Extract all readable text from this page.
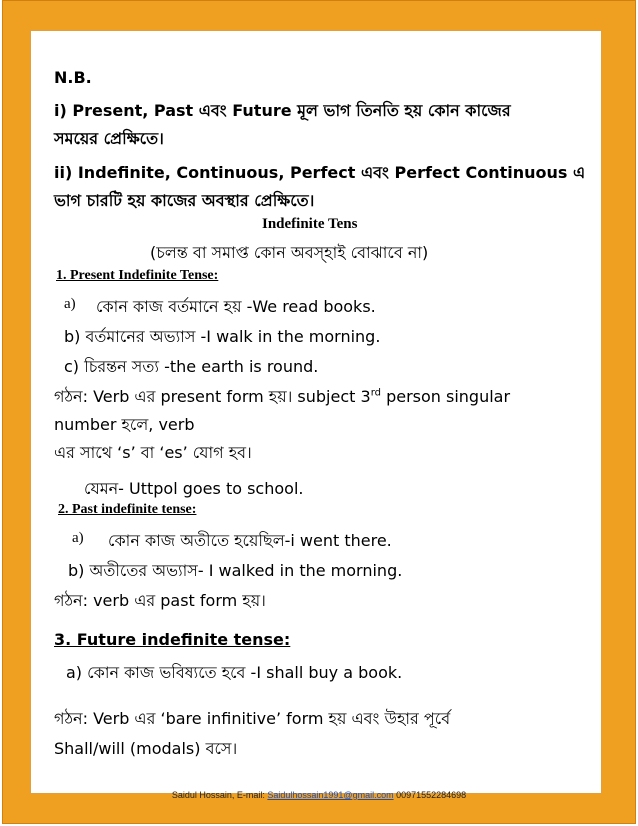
N.B.
i) Present, Past এবং Future মূল ভাগ তিনতি হয় কোন কাজের
সময়ের প্রেক্ষিতে।
ii) Indefinite, Continuous, Perfect এবং Perfect Continuous এ
ভাগ চারটি হয় কাজের অবস্থার প্রেক্ষিতে।
Indefinite Tens
(চলন্ত বা সমাপ্ত কোন অবস্হাই বোঝাবে না)
1. Present Indefinite Tense:
a) কোন কাজ বর্তমানে হয় -We read books.
b) বর্তমানের অভ্যাস -I walk in the morning.
c) চিরন্তন সত্য -the earth is round.
গঠন: Verb এর present form হয়। subject 3rd person singular
number হলে, verb
এর সাথে ‘s’ বা ‘es’ যোগ হব।
যেমন- Uttpol goes to school.
2. Past indefinite tense:
a) কোন কাজ অতীতে হয়েছিল-i went there.
b) অতীতের অভ্যাস- I walked in the morning.
গঠন: verb এর past form হয়।
3. Future indefinite tense:
a) কোন কাজ ভবিষ্যতে হবে -I shall buy a book.
গঠন: Verb এর ‘bare infinitive’ form হয় এবং উহার পূর্বে
Shall/will (modals) বসে।
Saidul Hossain, E-mail: Saidulhossain1991@gmail.com 00971552284698
